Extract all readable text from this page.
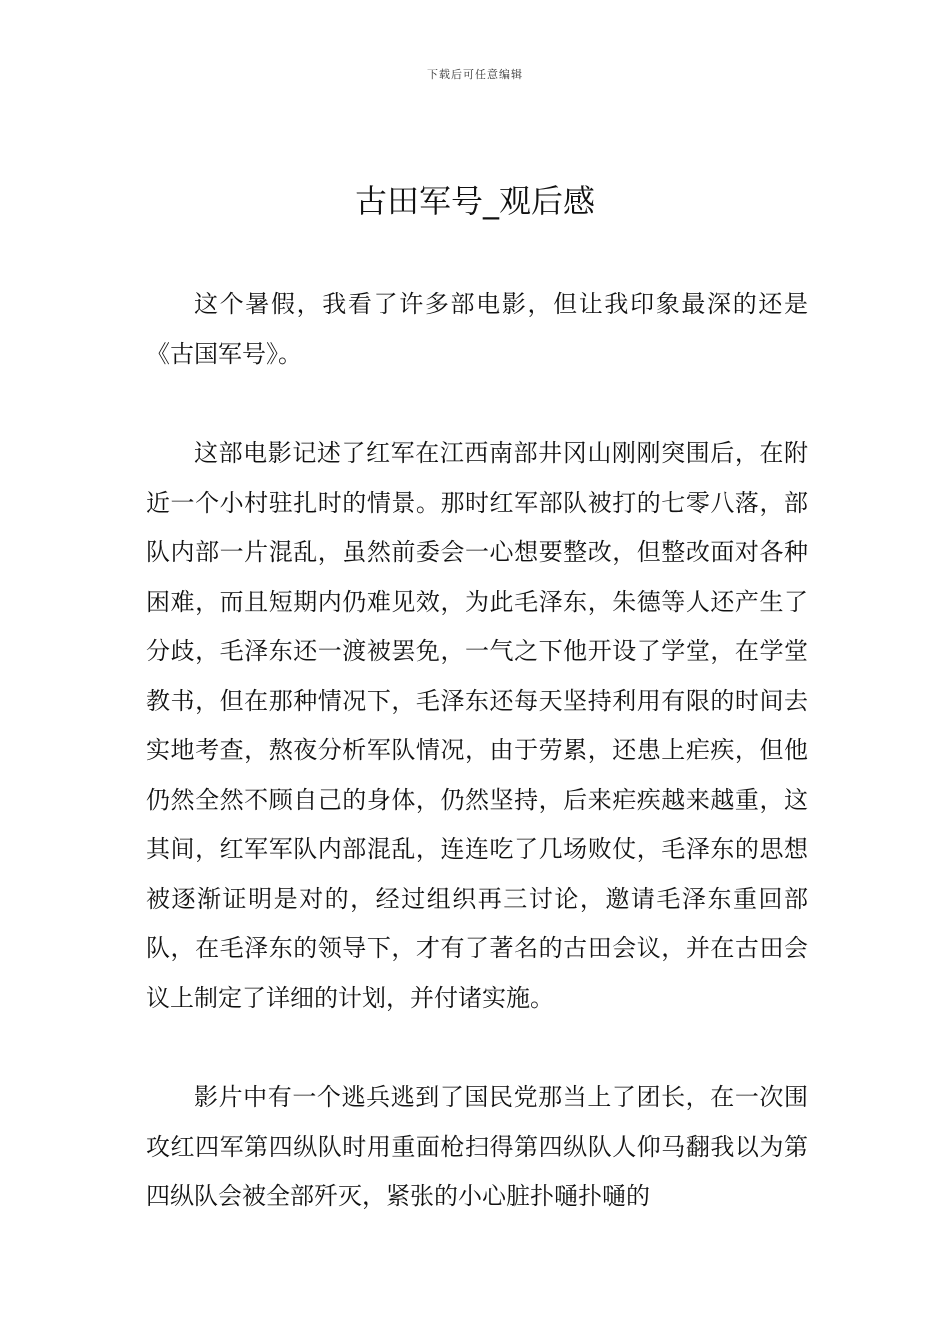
下载后可任意编辑
古田军号_观后感

这个暑假，我看了许多部电影，但让我印象最深的还是《古国军号》。

这部电影记述了红军在江西南部井冈山刚刚突围后，在附近一个小村驻扎时的情景。那时红军部队被打的七零八落，部队内部一片混乱，虽然前委会一心想要整改，但整改面对各种困难，而且短期内仍难见效，为此毛泽东，朱德等人还产生了分歧，毛泽东还一渡被罢免，一气之下他开设了学堂，在学堂教书，但在那种情况下，毛泽东还每天坚持利用有限的时间去实地考查，熬夜分析军队情况，由于劳累，还患上疟疾，但他仍然全然不顾自己的身体，仍然坚持，后来疟疾越来越重，这其间，红军军队内部混乱，连连吃了几场败仗，毛泽东的思想被逐渐证明是对的，经过组织再三讨论，邀请毛泽东重回部队，在毛泽东的领导下，才有了著名的古田会议，并在古田会议上制定了详细的计划，并付诸实施。

影片中有一个逃兵逃到了国民党那当上了团长，在一次围攻红四军第四纵队时用重面枪扫得第四纵队人仰马翻我以为第四纵队会被全部歼灭，紧张的小心脏扑嗵扑嗵的
